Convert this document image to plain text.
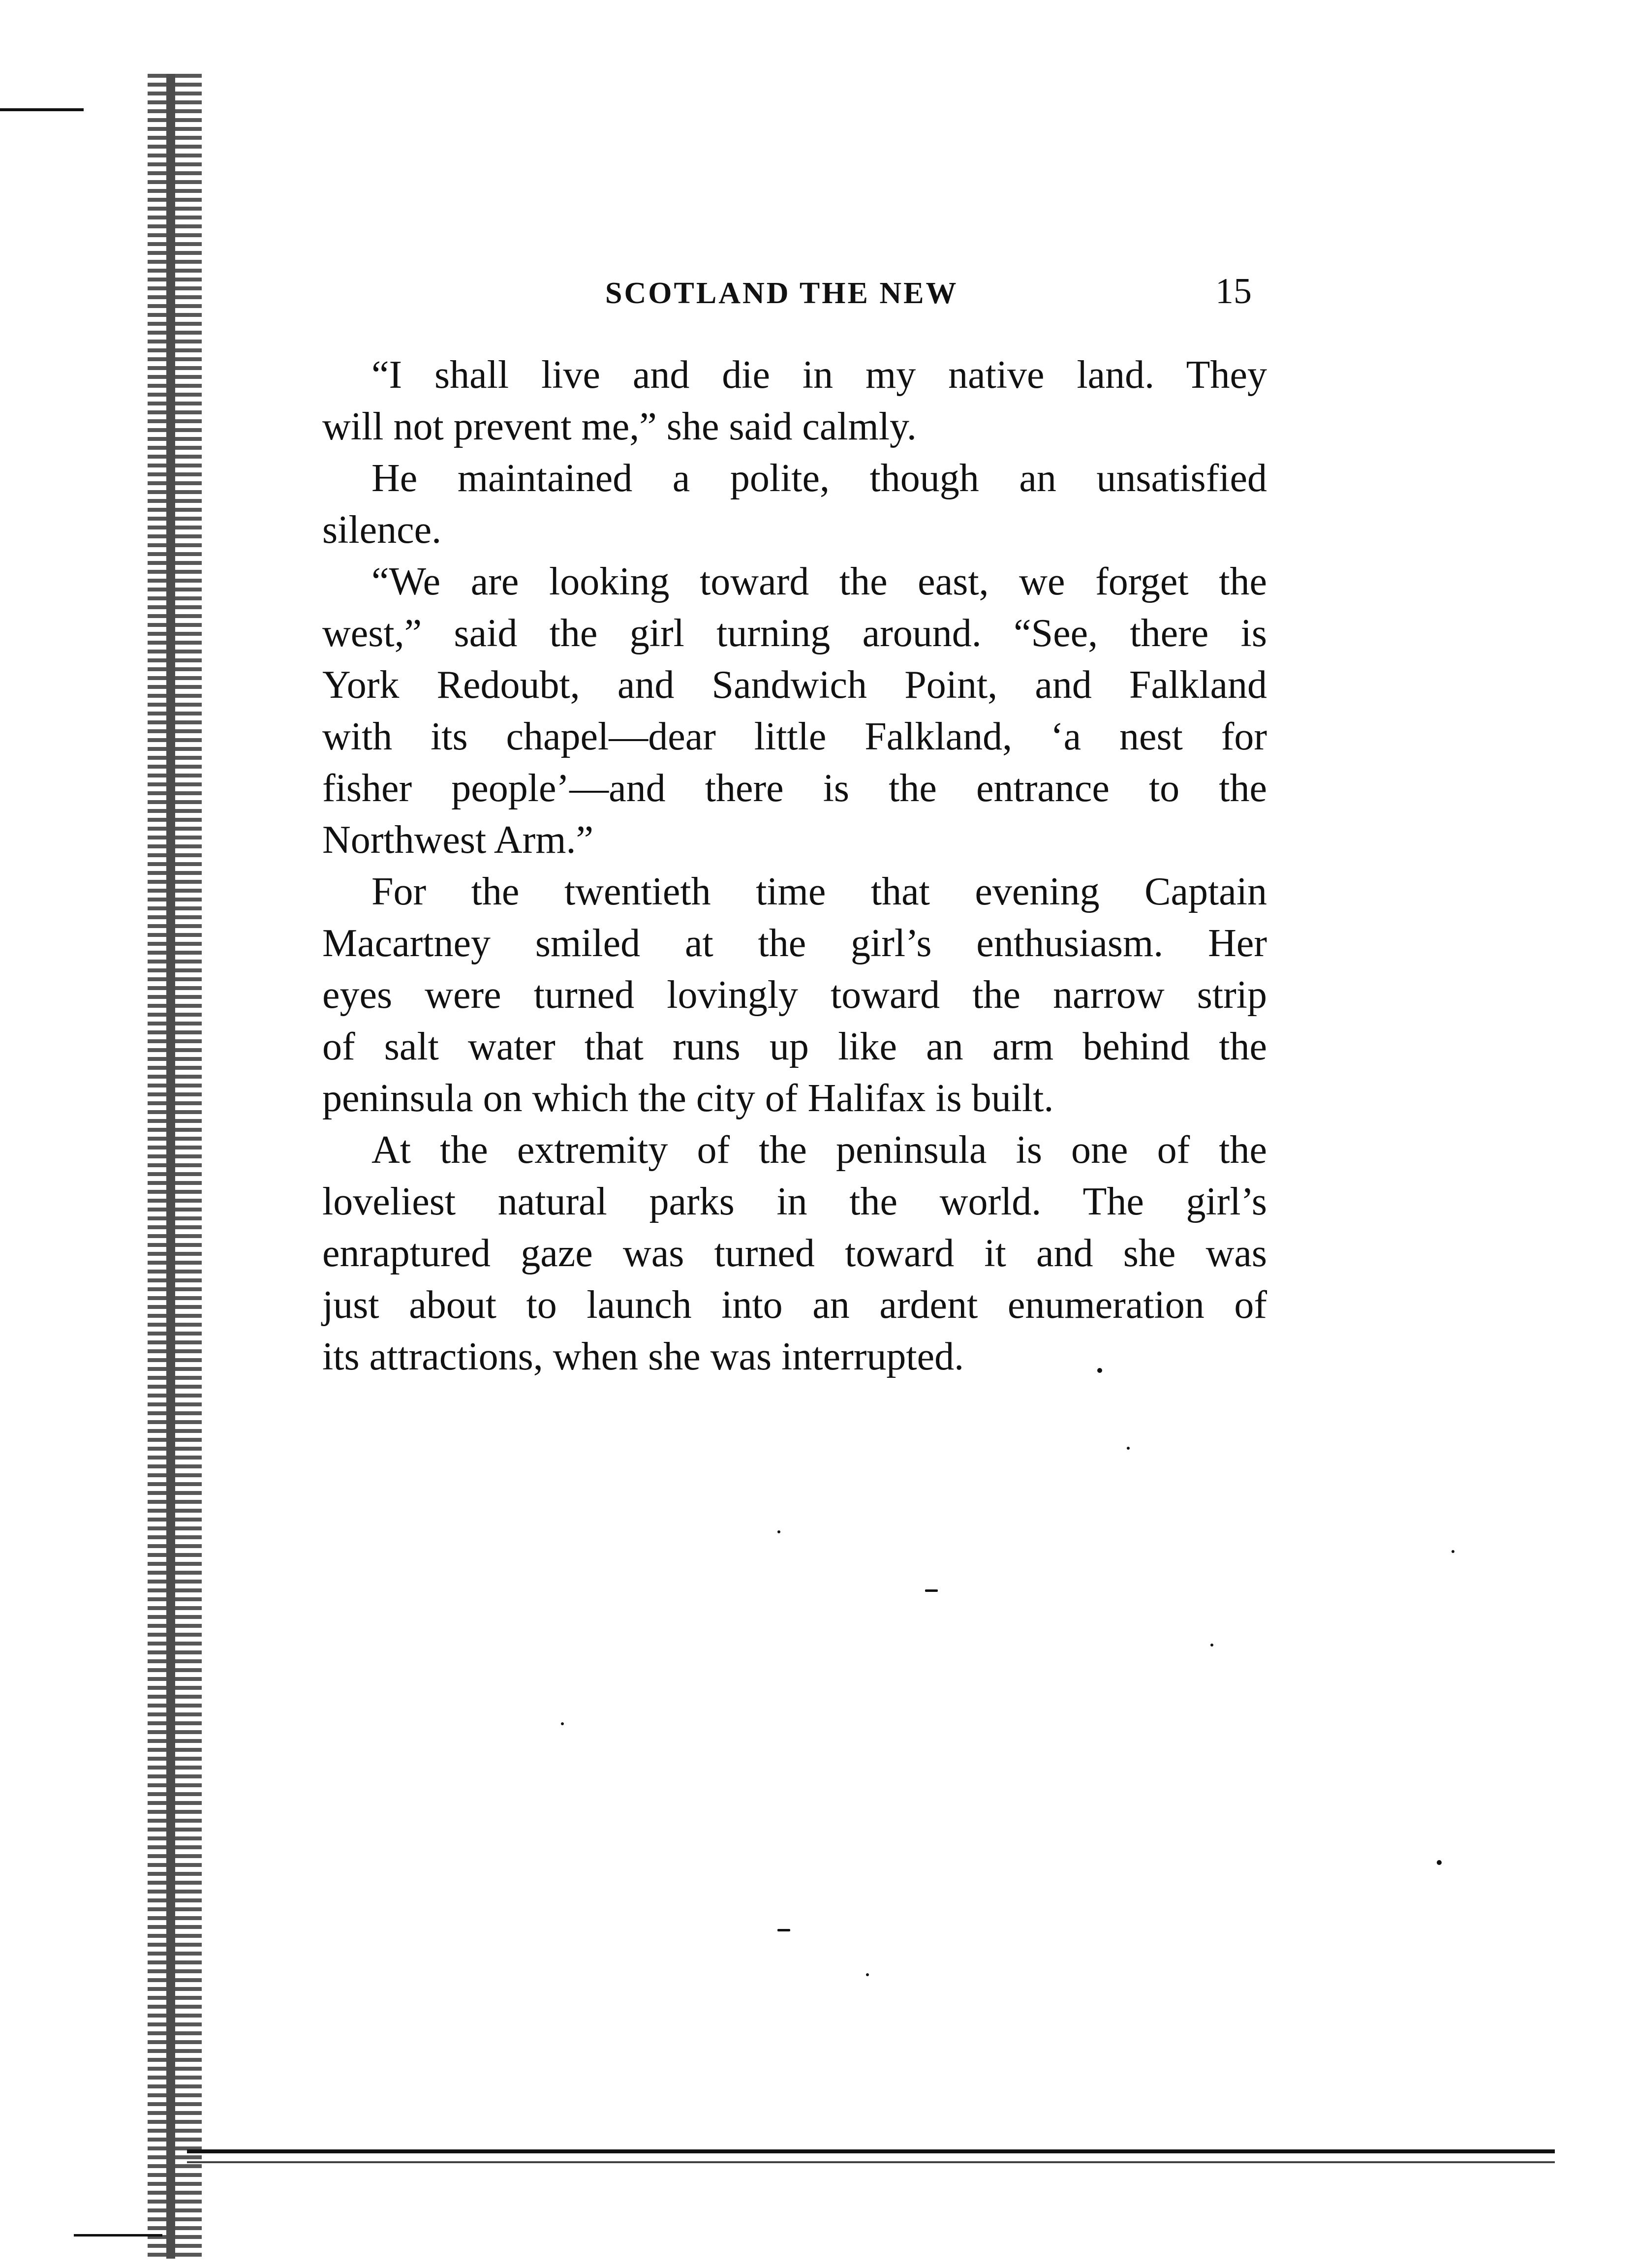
SCOTLAND THE NEW	15
“I shall live and die in my native land. They
will not prevent me,” she said calmly.
He maintained a polite, though an unsatisfied
silence.
“We are looking toward the east, we forget the
west,” said the girl turning around. “See, there is
York Redoubt, and Sandwich Point, and Falkland
with its chapel—dear little Falkland, ‘a nest for
fisher people’—and there is the entrance to the
Northwest Arm.”
For the twentieth time that evening Captain
Macartney smiled at the girl’s enthusiasm. Her
eyes were turned lovingly toward the narrow strip
of salt water that runs up like an arm behind the
peninsula on which the city of Halifax is built.
At the extremity of the peninsula is one of the
loveliest natural parks in the world. The girl’s
enraptured gaze was turned toward it and she was
just about to launch into an ardent enumeration of
its attractions, when she was interrupted.
